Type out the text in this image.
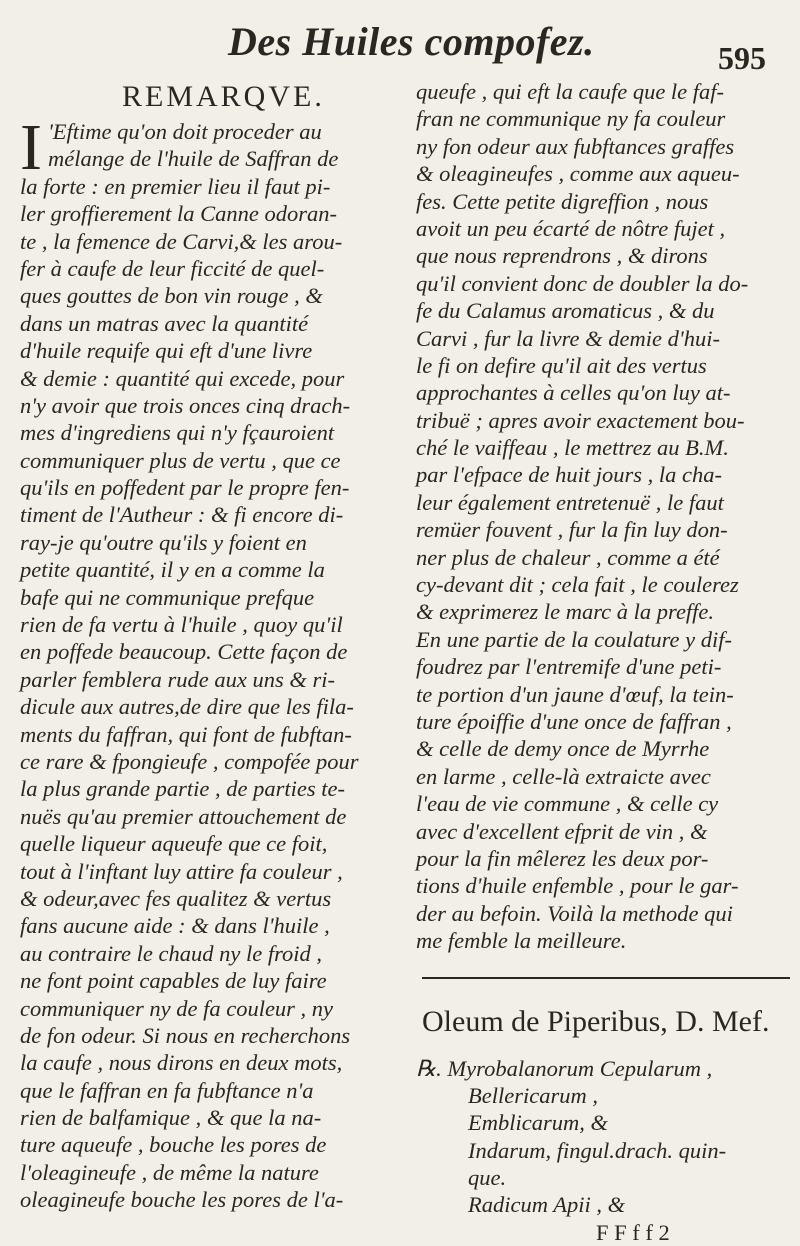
Des Huiles compofez.	595
REMARQVE.
I 'Eftime qu'on doit proceder au
mélange de l'huile de Saffran de
la forte : en premier lieu il faut pi-
ler groffierement la Canne odoran-
te , la femence de Carvi,& les arou-
fer à caufe de leur ficcité de quel-
ques gouttes de bon vin rouge , &
dans un matras avec la quantité
d'huile requife qui eft d'une livre
& demie : quantité qui excede, pour
n'y avoir que trois onces cinq drach-
mes d'ingrediens qui n'y fçauroient
communiquer plus de vertu , que ce
qu'ils en poffedent par le propre fen-
timent de l'Autheur : & fi encore di-
ray-je qu'outre qu'ils y foient en
petite quantité, il y en a comme la
bafe qui ne communique prefque
rien de fa vertu à l'huile , quoy qu'il
en poffede beaucoup. Cette façon de
parler femblera rude aux uns & ri-
dicule aux autres,de dire que les fila-
ments du faffran, qui font de fubftan-
ce rare & fpongieufe , compofée pour
la plus grande partie , de parties te-
nuës qu'au premier attouchement de
quelle liqueur aqueufe que ce foit,
tout à l'inftant luy attire fa couleur ,
& odeur,avec fes qualitez & vertus
fans aucune aide : & dans l'huile ,
au contraire le chaud ny le froid ,
ne font point capables de luy faire
communiquer ny de fa couleur , ny
de fon odeur. Si nous en recherchons
la caufe , nous dirons en deux mots,
que le faffran en fa fubftance n'a
rien de balfamique , & que la na-
ture aqueufe , bouche les pores de
l'oleagineufe , de même la nature
oleagineufe bouche les pores de l'a-
queufe , qui eft la caufe que le faf-
fran ne communique ny fa couleur
ny fon odeur aux fubftances graffes
& oleagineufes , comme aux aqueu-
fes. Cette petite digreffion , nous
avoit un peu écarté de nôtre fujet ,
que nous reprendrons , & dirons
qu'il convient donc de doubler la do-
fe du Calamus aromaticus , & du
Carvi , fur la livre & demie d'hui-
le fi on defire qu'il ait des vertus
approchantes à celles qu'on luy at-
tribuë ; apres avoir exactement bou-
ché le vaiffeau , le mettrez au B.M.
par l'efpace de huit jours , la cha-
leur également entretenuë , le faut
remüer fouvent , fur la fin luy don-
ner plus de chaleur , comme a été
cy-devant dit ; cela fait , le coulerez
& exprimerez le marc à la preffe.
En une partie de la coulature y dif-
foudrez par l'entremife d'une peti-
te portion d'un jaune d'œuf, la tein-
ture époiffie d'une once de faffran ,
& celle de demy once de Myrrhe
en larme , celle-là extraicte avec
l'eau de vie commune , & celle cy
avec d'excellent efprit de vin , &
pour la fin mêlerez les deux por-
tions d'huile enfemble , pour le gar-
der au befoin. Voilà la methode qui
me femble la meilleure.
Oleum de Piperibus, D. Mef.
℞. Myrobalanorum Cepularum ,
Bellericarum ,
Emblicarum, &
Indarum, fingul.drach. quin-
que.
Radicum Apii , &
F F f f 2
